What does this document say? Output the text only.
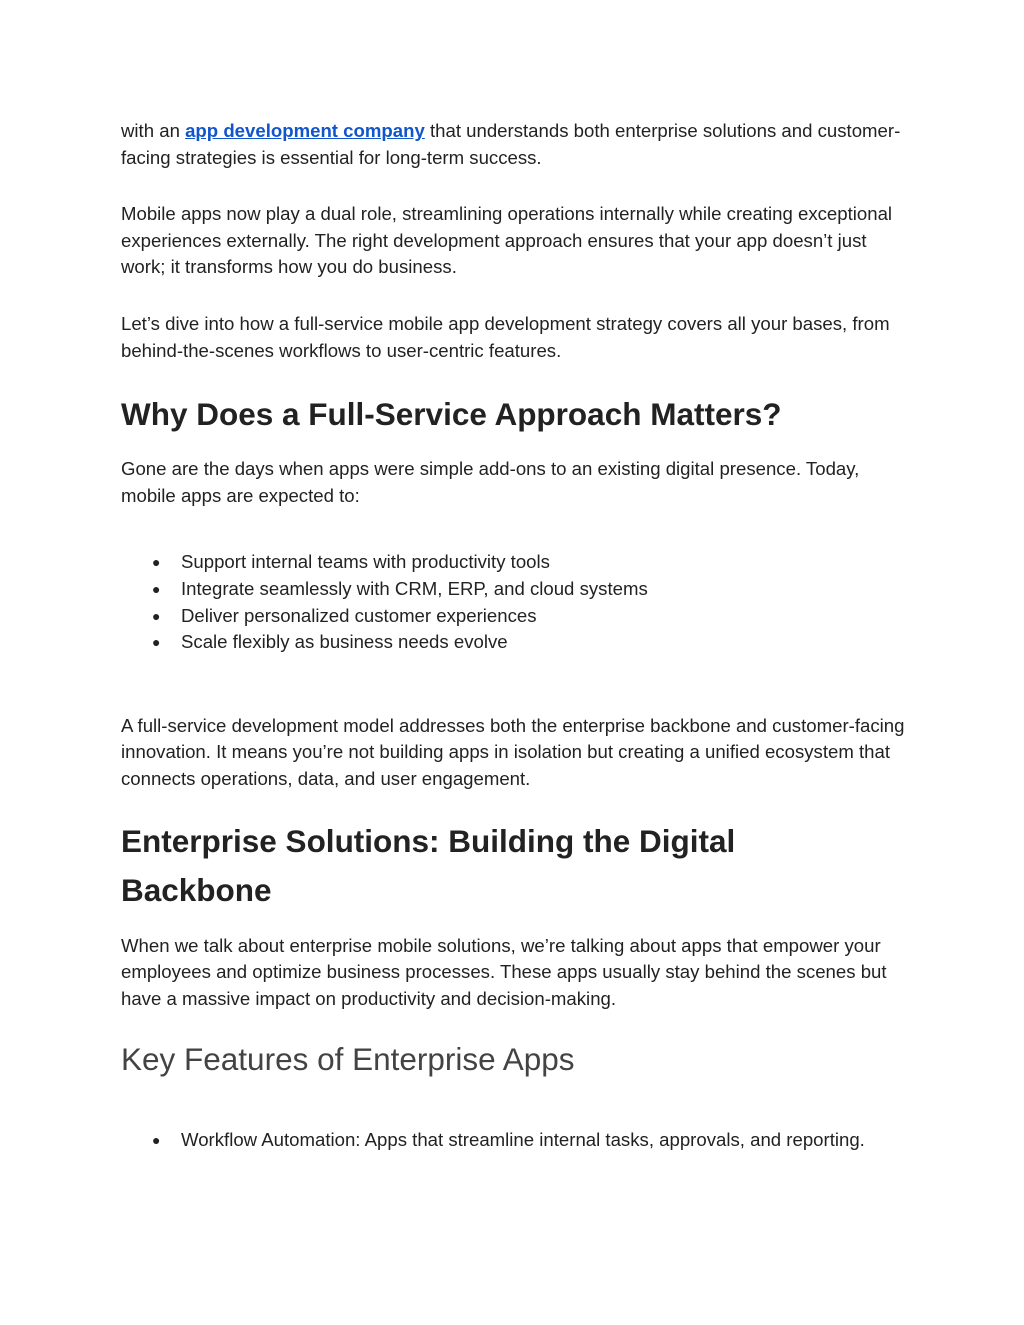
with an app development company that understands both enterprise solutions and customer-facing strategies is essential for long-term success.

Mobile apps now play a dual role, streamlining operations internally while creating exceptional experiences externally. The right development approach ensures that your app doesn’t just work; it transforms how you do business.

Let’s dive into how a full-service mobile app development strategy covers all your bases, from behind-the-scenes workflows to user-centric features.

Why Does a Full-Service Approach Matters?

Gone are the days when apps were simple add-ons to an existing digital presence. Today, mobile apps are expected to:

● Support internal teams with productivity tools
● Integrate seamlessly with CRM, ERP, and cloud systems
● Deliver personalized customer experiences
● Scale flexibly as business needs evolve

A full-service development model addresses both the enterprise backbone and customer-facing innovation. It means you’re not building apps in isolation but creating a unified ecosystem that connects operations, data, and user engagement.

Enterprise Solutions: Building the Digital Backbone

When we talk about enterprise mobile solutions, we’re talking about apps that empower your employees and optimize business processes. These apps usually stay behind the scenes but have a massive impact on productivity and decision-making.

Key Features of Enterprise Apps
● Workflow Automation: Apps that streamline internal tasks, approvals, and reporting.
